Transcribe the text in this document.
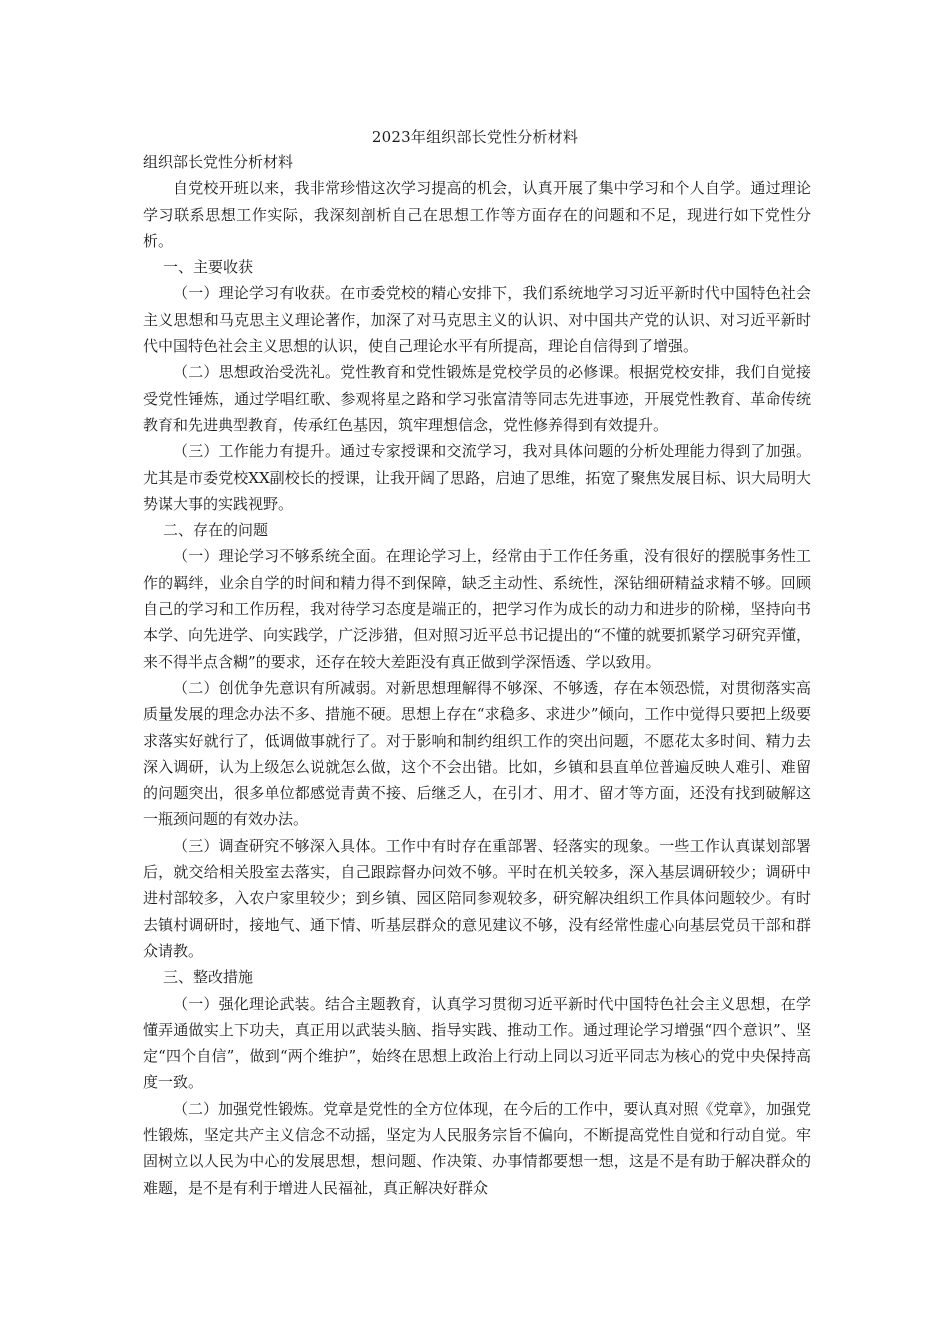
2023年组织部长党性分析材料

组织部长党性分析材料

自党校开班以来，我非常珍惜这次学习提高的机会，认真开展了集中学习和个人自学。通过理论学习联系思想工作实际，我深刻剖析自己在思想工作等方面存在的问题和不足，现进行如下党性分析。

一、主要收获

（一）理论学习有收获。在市委党校的精心安排下，我们系统地学习习近平新时代中国特色社会主义思想和马克思主义理论著作，加深了对马克思主义的认识、对中国共产党的认识、对习近平新时代中国特色社会主义思想的认识，使自己理论水平有所提高，理论自信得到了增强。

（二）思想政治受洗礼。党性教育和党性锻炼是党校学员的必修课。根据党校安排，我们自觉接受党性锤炼，通过学唱红歌、参观将星之路和学习张富清等同志先进事迹，开展党性教育、革命传统教育和先进典型教育，传承红色基因，筑牢理想信念，党性修养得到有效提升。

（三）工作能力有提升。通过专家授课和交流学习，我对具体问题的分析处理能力得到了加强。尤其是市委党校XX副校长的授课，让我开阔了思路，启迪了思维，拓宽了聚焦发展目标、识大局明大势谋大事的实践视野。

二、存在的问题

（一）理论学习不够系统全面。在理论学习上，经常由于工作任务重，没有很好的摆脱事务性工作的羁绊，业余自学的时间和精力得不到保障，缺乏主动性、系统性，深钻细研精益求精不够。回顾自己的学习和工作历程，我对待学习态度是端正的，把学习作为成长的动力和进步的阶梯，坚持向书本学、向先进学、向实践学，广泛涉猎，但对照习近平总书记提出的“不懂的就要抓紧学习研究弄懂，来不得半点含糊”的要求，还存在较大差距没有真正做到学深悟透、学以致用。

（二）创优争先意识有所减弱。对新思想理解得不够深、不够透，存在本领恐慌，对贯彻落实高质量发展的理念办法不多、措施不硬。思想上存在“求稳多、求进少”倾向，工作中觉得只要把上级要求落实好就行了，低调做事就行了。对于影响和制约组织工作的突出问题，不愿花太多时间、精力去深入调研，认为上级怎么说就怎么做，这个不会出错。比如，乡镇和县直单位普遍反映人难引、难留的问题突出，很多单位都感觉青黄不接、后继乏人，在引才、用才、留才等方面，还没有找到破解这一瓶颈问题的有效办法。

（三）调查研究不够深入具体。工作中有时存在重部署、轻落实的现象。一些工作认真谋划部署后，就交给相关股室去落实，自己跟踪督办问效不够。平时在机关较多，深入基层调研较少；调研中进村部较多，入农户家里较少；到乡镇、园区陪同参观较多，研究解决组织工作具体问题较少。有时去镇村调研时，接地气、通下情、听基层群众的意见建议不够，没有经常性虚心向基层党员干部和群众请教。

三、整改措施

（一）强化理论武装。结合主题教育，认真学习贯彻习近平新时代中国特色社会主义思想，在学懂弄通做实上下功夫，真正用以武装头脑、指导实践、推动工作。通过理论学习增强“四个意识”、坚定“四个自信”，做到“两个维护”，始终在思想上政治上行动上同以习近平同志为核心的党中央保持高度一致。

（二）加强党性锻炼。党章是党性的全方位体现，在今后的工作中，要认真对照《党章》，加强党性锻炼，坚定共产主义信念不动摇，坚定为人民服务宗旨不偏向，不断提高党性自觉和行动自觉。牢固树立以人民为中心的发展思想，想问题、作决策、办事情都要想一想，这是不是有助于解决群众的难题，是不是有利于增进人民福祉，真正解决好群众
